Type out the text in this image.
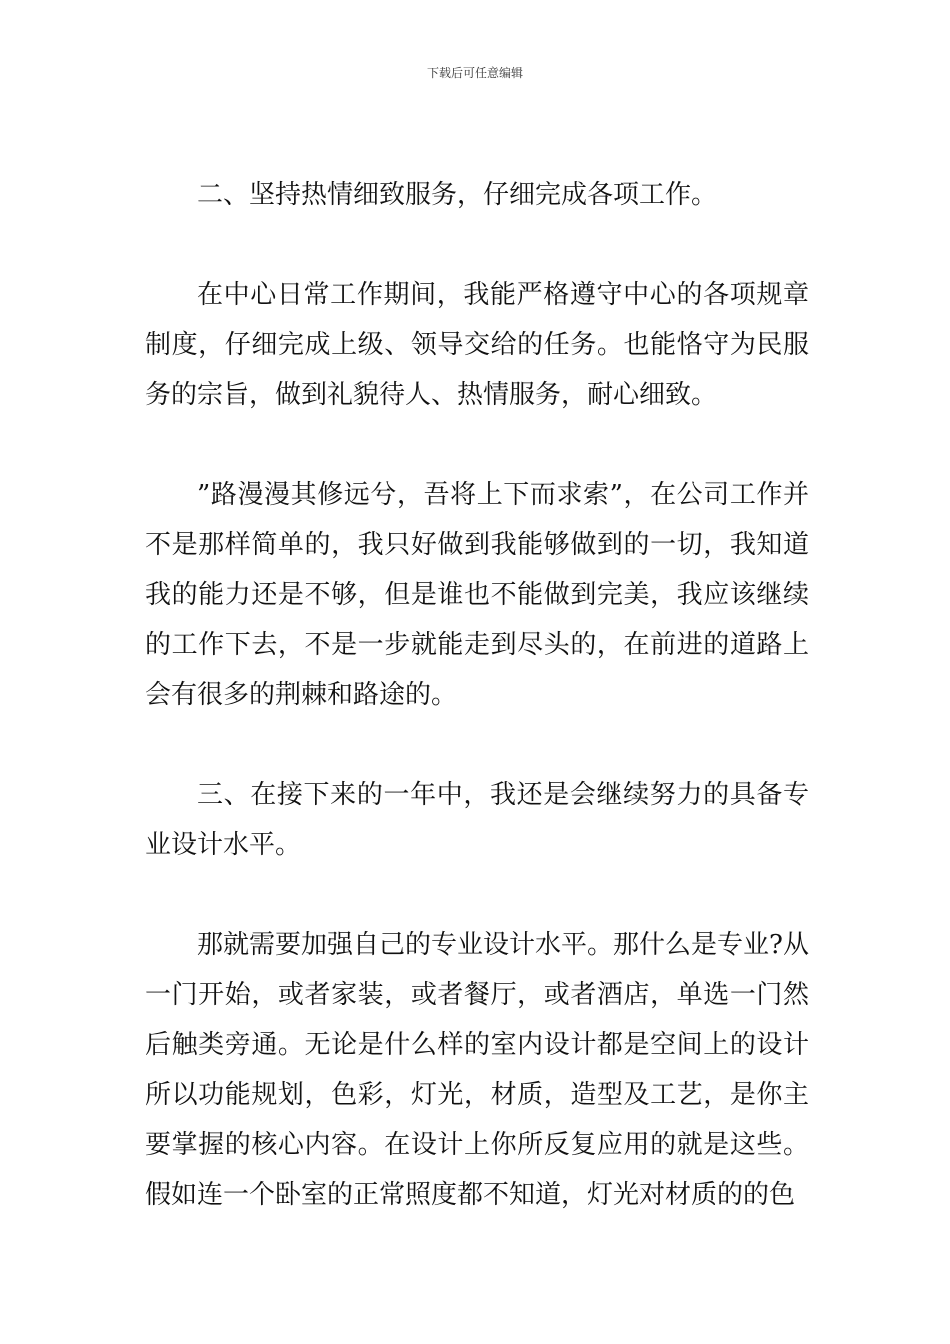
下载后可任意编辑

二、坚持热情细致服务，仔细完成各项工作。

在中心日常工作期间，我能严格遵守中心的各项规章制度，仔细完成上级、领导交给的任务。也能恪守为民服务的宗旨，做到礼貌待人、热情服务，耐心细致。

”路漫漫其修远兮，吾将上下而求索”，在公司工作并不是那样简单的，我只好做到我能够做到的一切，我知道我的能力还是不够，但是谁也不能做到完美，我应该继续的工作下去，不是一步就能走到尽头的，在前进的道路上会有很多的荆棘和路途的。

三、在接下来的一年中，我还是会继续努力的具备专业设计水平。

那就需要加强自己的专业设计水平。那什么是专业?从一门开始，或者家装，或者餐厅，或者酒店，单选一门然后触类旁通。无论是什么样的室内设计都是空间上的设计所以功能规划，色彩，灯光，材质，造型及工艺，是你主要掌握的核心内容。在设计上你所反复应用的就是这些。假如连一个卧室的正常照度都不知道，灯光对材质的的色
